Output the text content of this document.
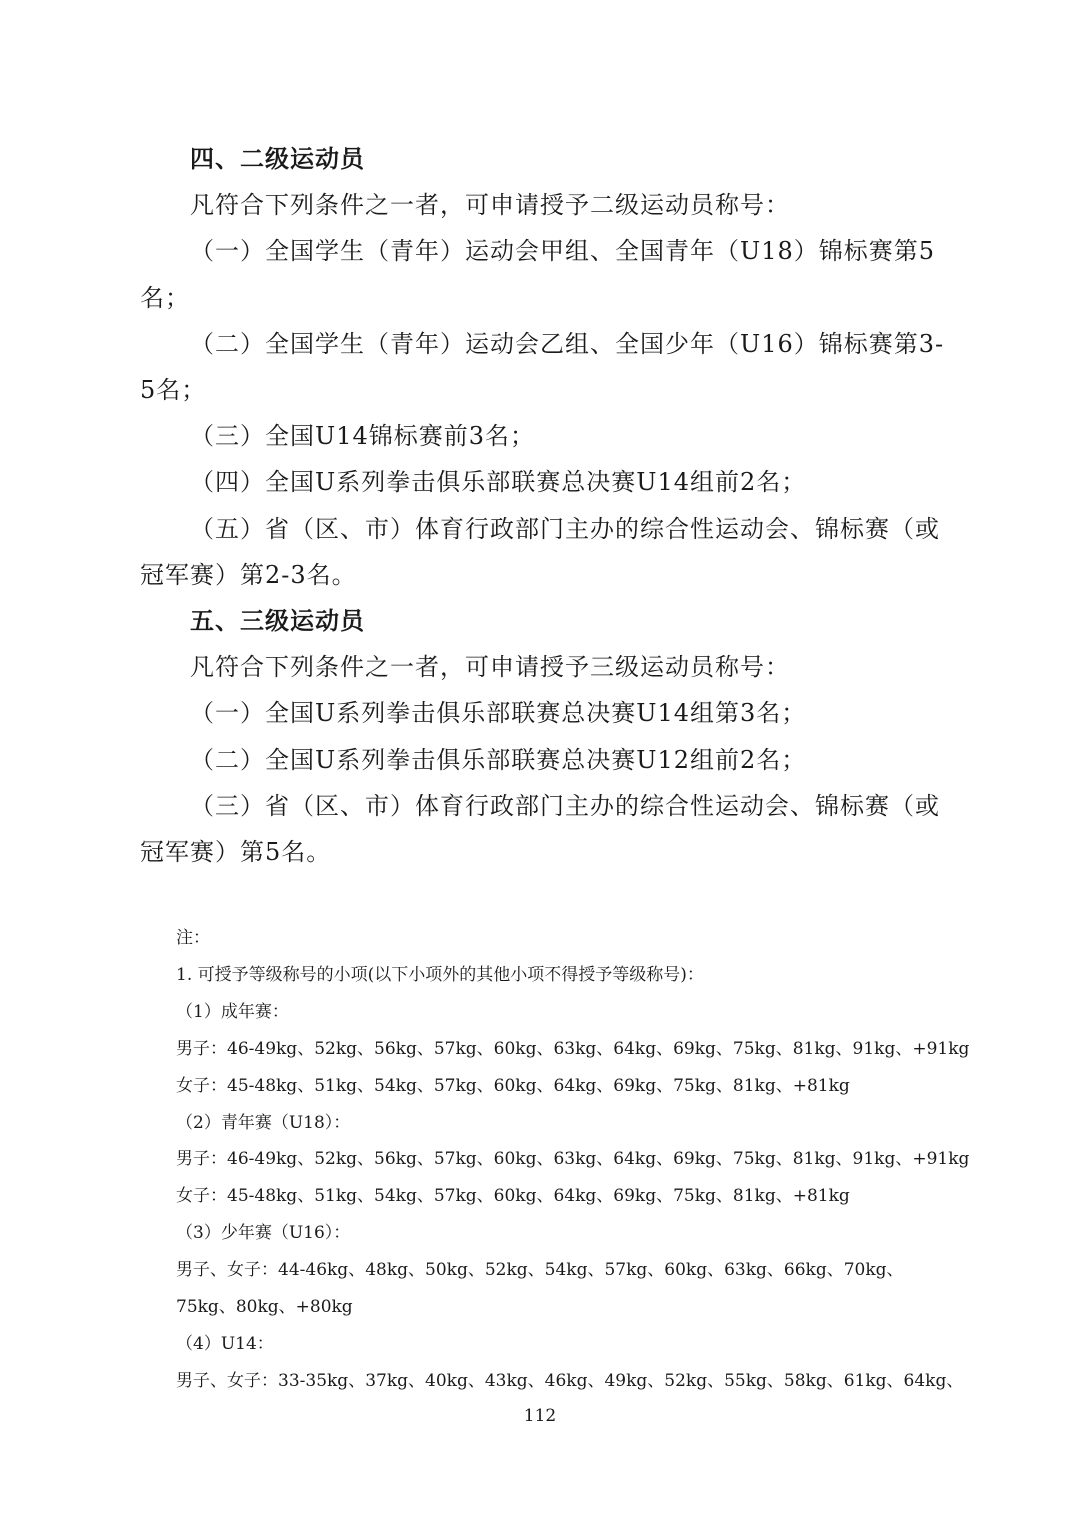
四、二级运动员

凡符合下列条件之一者，可申请授予二级运动员称号：

（一）全国学生（青年）运动会甲组、全国青年（U18）锦标赛第5名；

（二）全国学生（青年）运动会乙组、全国少年（U16）锦标赛第3-5名；

（三）全国U14锦标赛前3名；

（四）全国U系列拳击俱乐部联赛总决赛U14组前2名；

（五）省（区、市）体育行政部门主办的综合性运动会、锦标赛（或冠军赛）第2-3名。

五、三级运动员

凡符合下列条件之一者，可申请授予三级运动员称号：

（一）全国U系列拳击俱乐部联赛总决赛U14组第3名；

（二）全国U系列拳击俱乐部联赛总决赛U12组前2名；

（三）省（区、市）体育行政部门主办的综合性运动会、锦标赛（或冠军赛）第5名。

注：

1. 可授予等级称号的小项(以下小项外的其他小项不得授予等级称号)：

（1）成年赛：

男子：46-49kg、52kg、56kg、57kg、60kg、63kg、64kg、69kg、75kg、81kg、91kg、+91kg

女子：45-48kg、51kg、54kg、57kg、60kg、64kg、69kg、75kg、81kg、+81kg

（2）青年赛（U18）：

男子：46-49kg、52kg、56kg、57kg、60kg、63kg、64kg、69kg、75kg、81kg、91kg、+91kg

女子：45-48kg、51kg、54kg、57kg、60kg、64kg、69kg、75kg、81kg、+81kg

（3）少年赛（U16）：

男子、女子：44-46kg、48kg、50kg、52kg、54kg、57kg、60kg、63kg、66kg、70kg、75kg、80kg、+80kg

（4）U14：

男子、女子：33-35kg、37kg、40kg、43kg、46kg、49kg、52kg、55kg、58kg、61kg、64kg、

112
